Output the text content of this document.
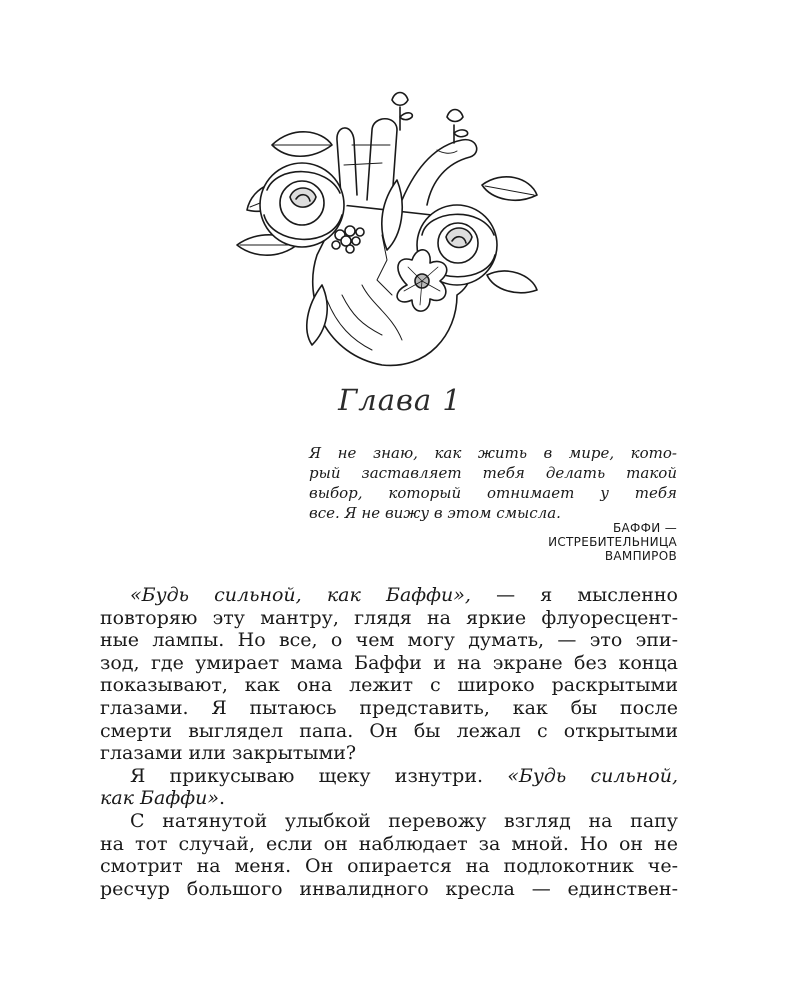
Глава 1
Я не знаю, как жить в мире, кото-
рый заставляет тебя делать такой
выбор, который отнимает у тебя
все. Я не вижу в этом смысла.
БАФФИ —
ИСТРЕБИТЕЛЬНИЦА
ВАМПИРОВ
«Будь сильной, как Баффи», — я мысленно
повторяю эту мантру, глядя на яркие флуоресцент-
ные лампы. Но все, о чем могу думать, — это эпи-
зод, где умирает мама Баффи и на экране без конца
показывают, как она лежит с широко раскрытыми
глазами. Я пытаюсь представить, как бы после
смерти выглядел папа. Он бы лежал с открытыми
глазами или закрытыми?
Я прикусываю щеку изнутри. «Будь сильной,
как Баффи».
С натянутой улыбкой перевожу взгляд на папу
на тот случай, если он наблюдает за мной. Но он не
смотрит на меня. Он опирается на подлокотник че-
ресчур большого инвалидного кресла — единствен-
